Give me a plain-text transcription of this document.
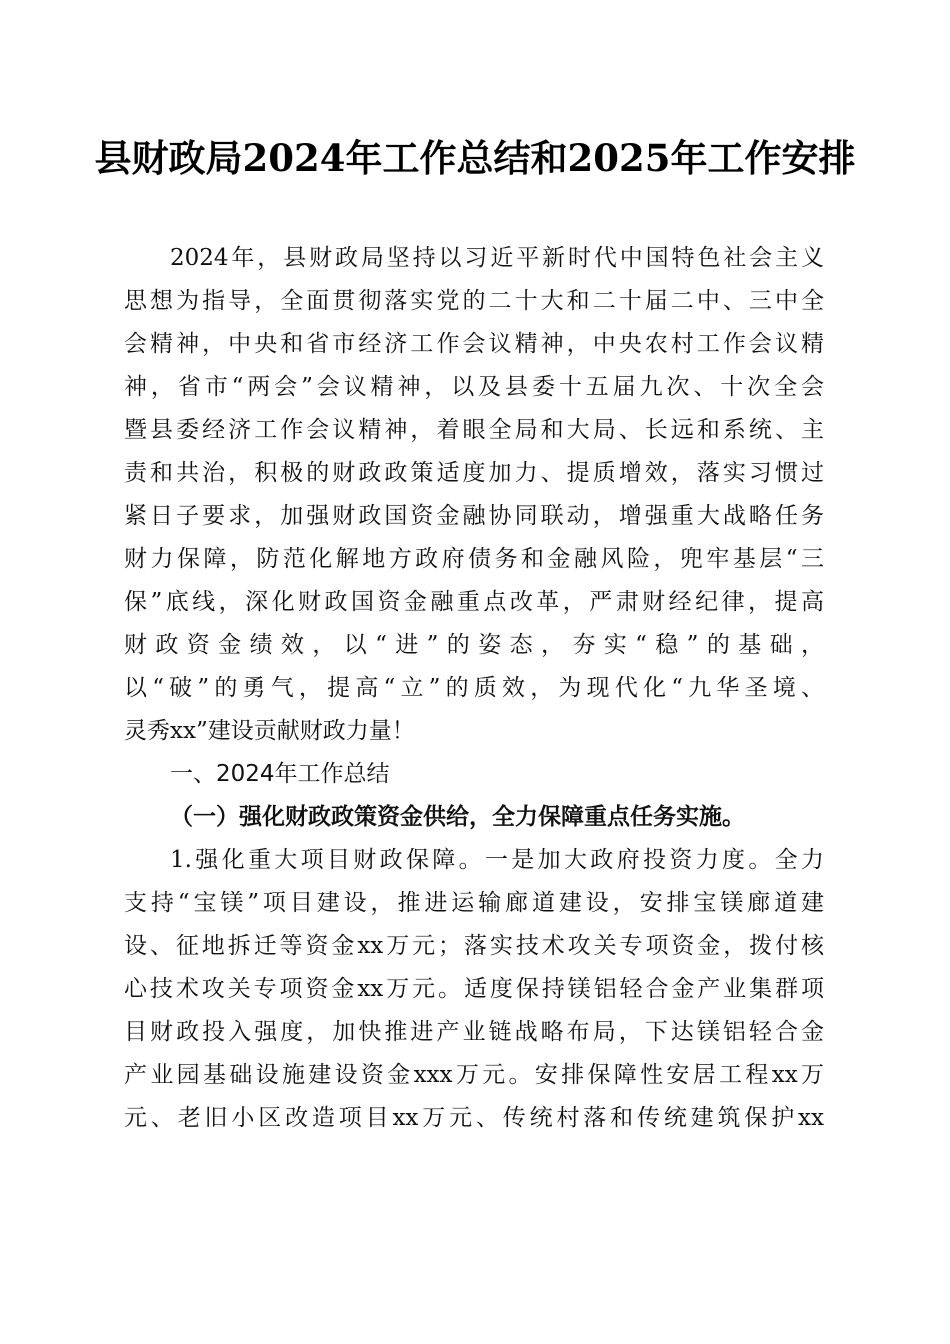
县财政局2024年工作总结和2025年工作安排
2024年，县财政局坚持以习近平新时代中国特色社会主义
思想为指导，全面贯彻落实党的二十大和二十届二中、三中全
会精神，中央和省市经济工作会议精神，中央农村工作会议精
神，省市“两会”会议精神，以及县委十五届九次、十次全会
暨县委经济工作会议精神，着眼全局和大局、长远和系统、主
责和共治，积极的财政政策适度加力、提质增效，落实习惯过
紧日子要求，加强财政国资金融协同联动，增强重大战略任务
财力保障，防范化解地方政府债务和金融风险，兜牢基层“三
保”底线，深化财政国资金融重点改革，严肃财经纪律，提高
财政资金绩效，以“进”的姿态，夯实“稳”的基础，
以“破”的勇气，提高“立”的质效，为现代化“九华圣境、
灵秀xx”建设贡献财政力量！
一、2024年工作总结
（一）强化财政政策资金供给，全力保障重点任务实施。
1.强化重大项目财政保障。一是加大政府投资力度。全力
支持“宝镁”项目建设，推进运输廊道建设，安排宝镁廊道建
设、征地拆迁等资金xx万元；落实技术攻关专项资金，拨付核
心技术攻关专项资金xx万元。适度保持镁铝轻合金产业集群项
目财政投入强度，加快推进产业链战略布局，下达镁铝轻合金
产业园基础设施建设资金xxx万元。安排保障性安居工程xx万
元、老旧小区改造项目xx万元、传统村落和传统建筑保护xx
